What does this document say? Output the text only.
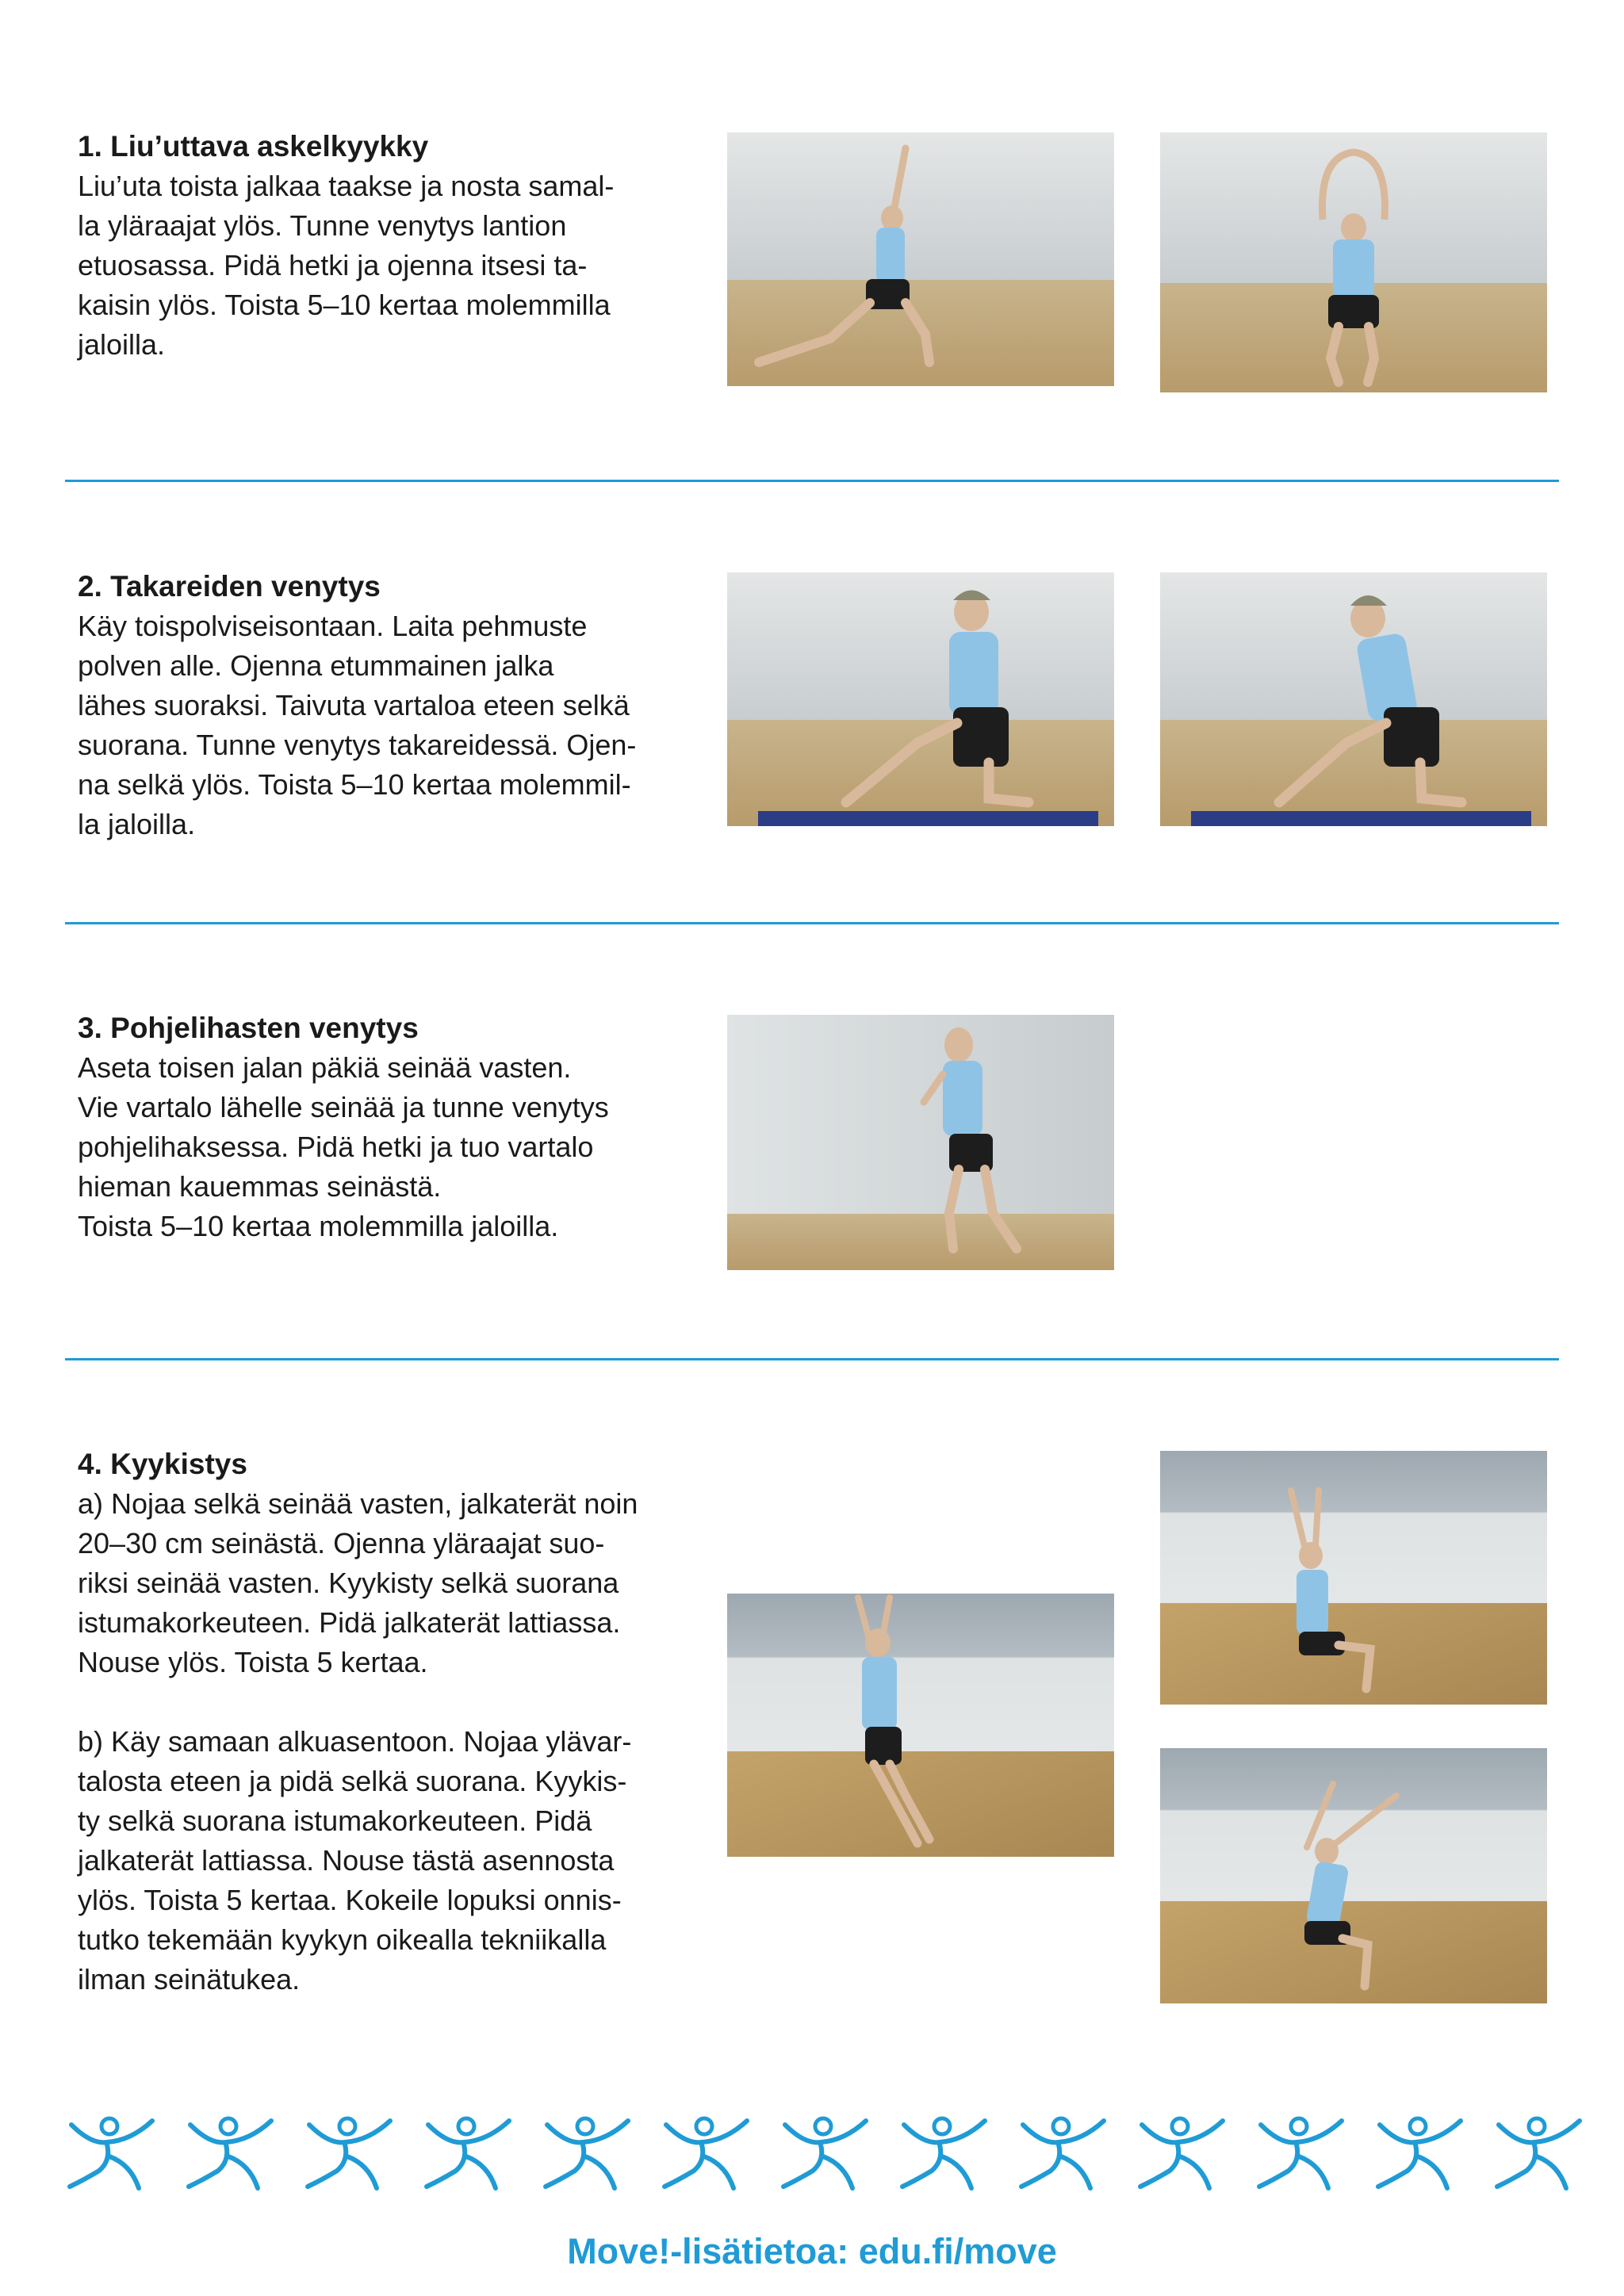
1. Liu’uttava askelkyykky

Liu’uta toista jalkaa taakse ja nosta samal-
la yläraajat ylös. Tunne venytys lantion
etuosassa. Pidä hetki ja ojenna itsesi ta-
kaisin ylös. Toista 5–10 kertaa molemmilla
jaloilla.

2. Takareiden venytys

Käy toispolviseisontaan. Laita pehmuste
polven alle. Ojenna etummainen jalka
lähes suoraksi. Taivuta vartaloa eteen selkä
suorana. Tunne venytys takareidessä. Ojen-
na selkä ylös. Toista 5–10 kertaa molemmil-
la jaloilla.

3. Pohjelihasten venytys

Aseta toisen jalan päkiä seinää vasten.
Vie vartalo lähelle seinää ja tunne venytys
pohjelihaksessa. Pidä hetki ja tuo vartalo
hieman kauemmas seinästä.
Toista 5–10 kertaa molemmilla jaloilla.

4. Kyykistys

a) Nojaa selkä seinää vasten, jalkaterät noin
20–30 cm seinästä. Ojenna yläraajat suo-
riksi seinää vasten. Kyykisty selkä suorana
istumakorkeuteen. Pidä jalkaterät lattiassa.
Nouse ylös. Toista 5 kertaa.

b) Käy samaan alkuasentoon. Nojaa ylävar-
talosta eteen ja pidä selkä suorana. Kyykis-
ty selkä suorana istumakorkeuteen. Pidä
jalkaterät lattiassa. Nouse tästä asennosta
ylös. Toista 5 kertaa. Kokeile lopuksi onnis-
tutko tekemään kyykyn oikealla tekniikalla
ilman seinätukea.

Move!-lisätietoa: edu.fi/move
